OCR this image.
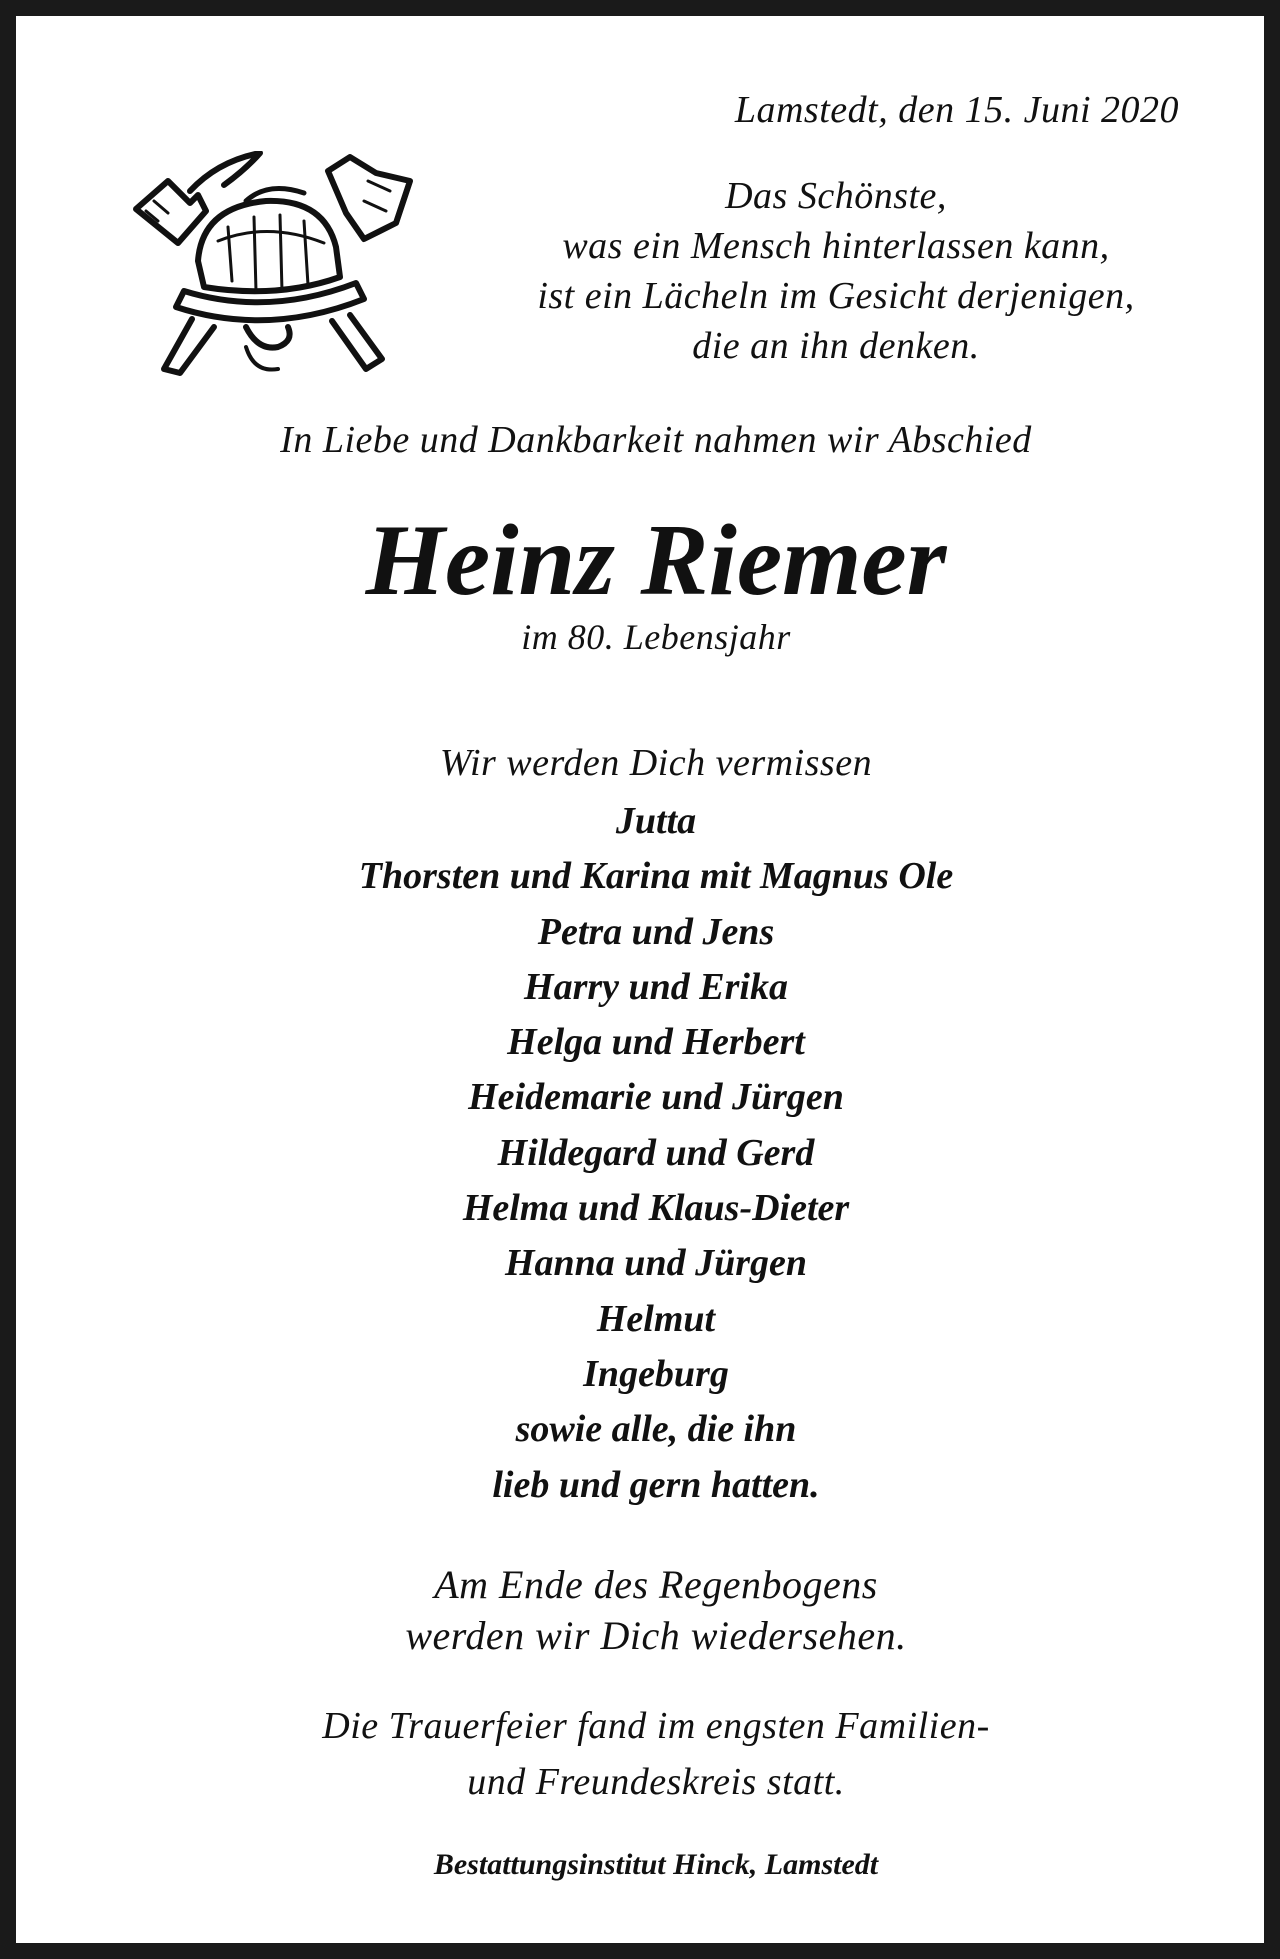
Lamstedt, den 15. Juni 2020
Das Schönste,
was ein Mensch hinterlassen kann,
ist ein Lächeln im Gesicht derjenigen,
die an ihn denken.
In Liebe und Dankbarkeit nahmen wir Abschied
Heinz Riemer
im 80. Lebensjahr
Wir werden Dich vermissen
Jutta
Thorsten und Karina mit Magnus Ole
Petra und Jens
Harry und Erika
Helga und Herbert
Heidemarie und Jürgen
Hildegard und Gerd
Helma und Klaus-Dieter
Hanna und Jürgen
Helmut
Ingeburg
sowie alle, die ihn
lieb und gern hatten.
Am Ende des Regenbogens
werden wir Dich wiedersehen.
Die Trauerfeier fand im engsten Familien-
und Freundeskreis statt.
Bestattungsinstitut Hinck, Lamstedt
